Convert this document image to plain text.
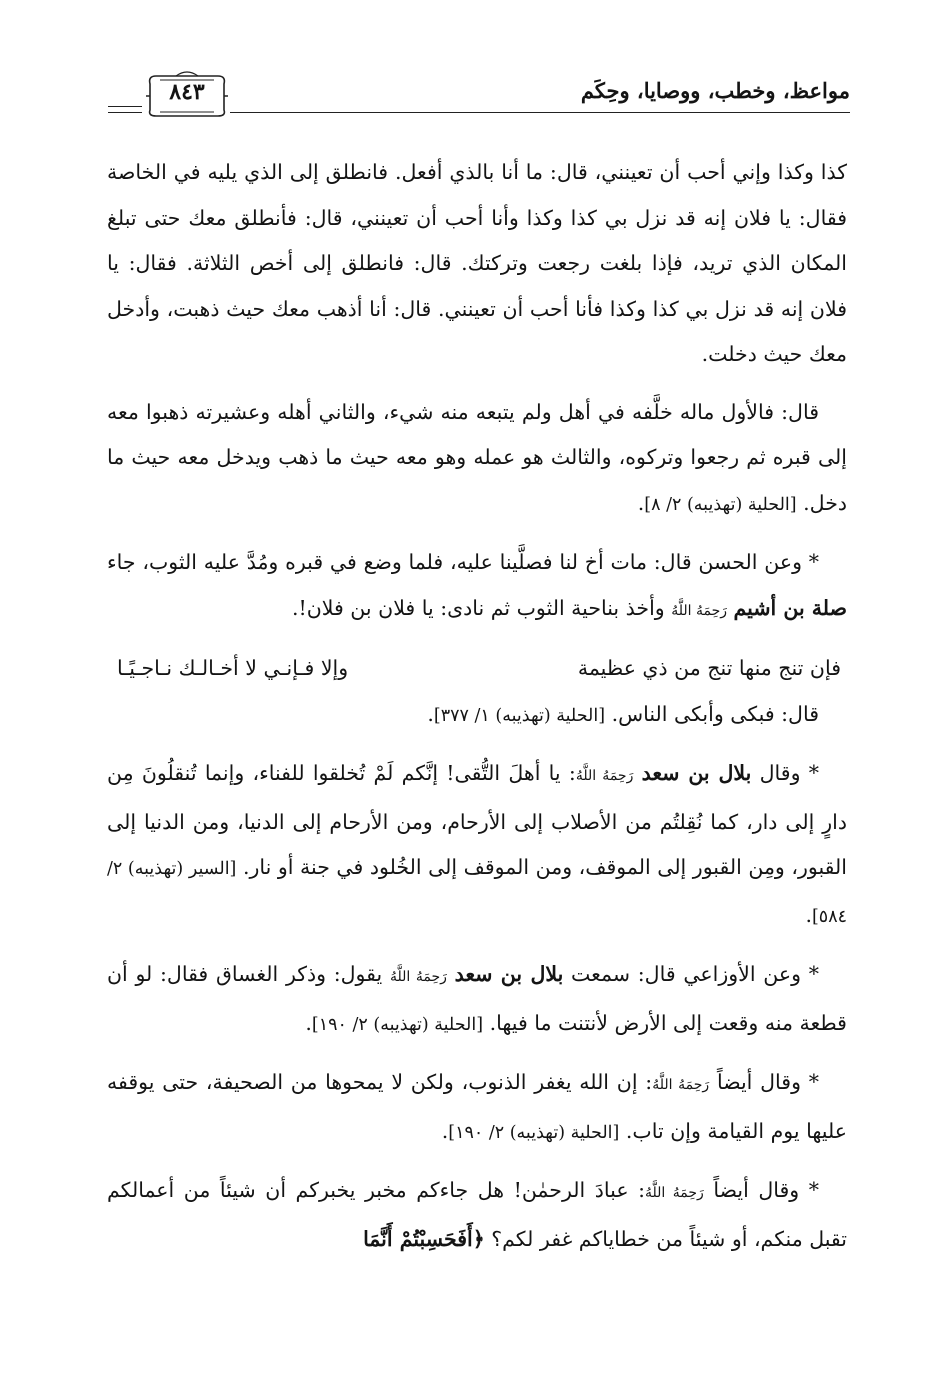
مواعظ، وخطب، ووصايا، وحِكَم
٨٤٣

كذا وكذا وإني أحب أن تعينني، قال: ما أنا بالذي أفعل. فانطلق إلى الذي يليه في الخاصة فقال: يا فلان إنه قد نزل بي كذا وكذا وأنا أحب أن تعينني، قال: فأنطلق معك حتى تبلغ المكان الذي تريد، فإذا بلغت رجعت وتركتك. قال: فانطلق إلى أخص الثلاثة. فقال: يا فلان إنه قد نزل بي كذا وكذا فأنا أحب أن تعينني. قال: أنا أذهب معك حيث ذهبت، وأدخل معك حيث دخلت.

قال: فالأول ماله خلَّفه في أهل ولم يتبعه منه شيء، والثاني أهله وعشيرته ذهبوا معه إلى قبره ثم رجعوا وتركوه، والثالث هو عمله وهو معه حيث ما ذهب ويدخل معه حيث ما دخل. [الحلية (تهذيبه) ٢/ ٨].

* وعن الحسن قال: مات أخ لنا فصلَّينا عليه، فلما وضع في قبره ومُدَّ عليه الثوب، جاء صلة بن أشيم رَحِمَهُ اللَّهُ وأخذ بناحية الثوب ثم نادى: يا فلان بن فلان!.

فإن تنج منها تنج من ذي عظيمة
وإلا فـإنـي لا أخـالـك نـاجـيًـا

قال: فبكى وأبكى الناس. [الحلية (تهذيبه) ١/ ٣٧٧].

* وقال بلال بن سعد رَحِمَهُ اللَّهُ: يا أهلَ التُّقى! إنَّكم لَمْ تُخلقوا للفناء، وإنما تُنقلُونَ مِن دارٍ إلى دار، كما نُقِلتُم من الأصلاب إلى الأرحام، ومن الأرحام إلى الدنيا، ومن الدنيا إلى القبور، ومِن القبور إلى الموقف، ومن الموقف إلى الخُلود في جنة أو نار. [السير (تهذيبه) ٢/ ٥٨٤].

* وعن الأوزاعي قال: سمعت بلال بن سعد رَحِمَهُ اللَّهُ يقول: وذكر الغساق فقال: لو أن قطعة منه وقعت إلى الأرض لأنتنت ما فيها. [الحلية (تهذيبه) ٢/ ١٩٠].

* وقال أيضاً رَحِمَهُ اللَّهُ: إن الله يغفر الذنوب، ولكن لا يمحوها من الصحيفة، حتى يوقفه عليها يوم القيامة وإن تاب. [الحلية (تهذيبه) ٢/ ١٩٠].

* وقال أيضاً رَحِمَهُ اللَّهُ: عبادَ الرحمٰن! هل جاءكم مخبر يخبركم أن شيئاً من أعمالكم تقبل منكم، أو شيئاً من خطاياكم غفر لكم؟ ﴿أَفَحَسِبْتُمْ أَنَّمَا
